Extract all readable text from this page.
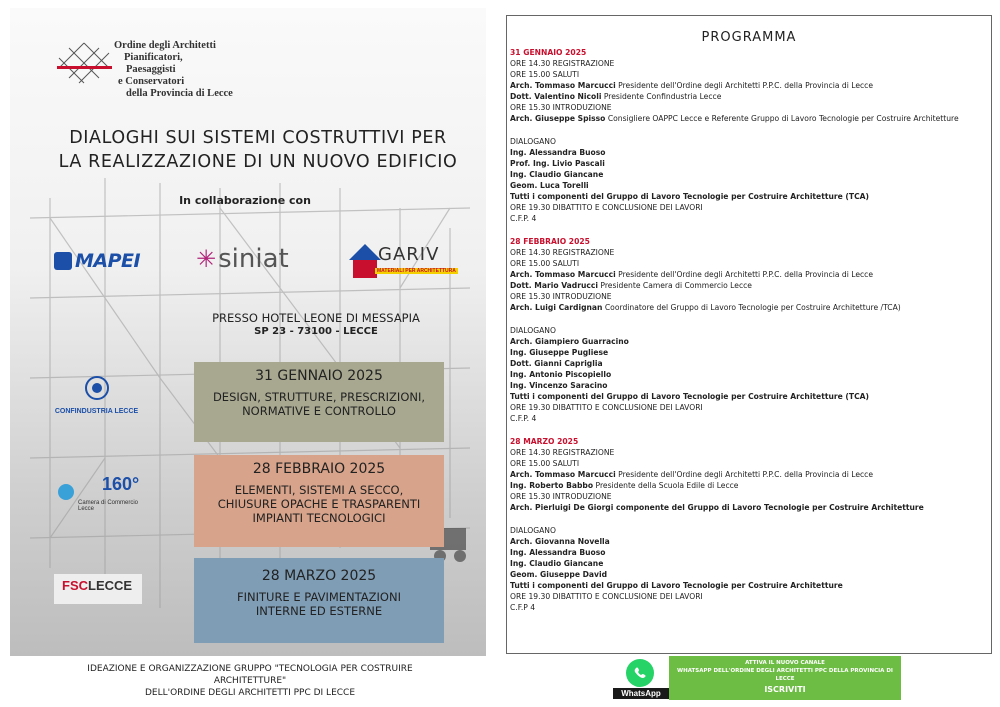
Ordine degli Architetti
Pianificatori,
Paesaggisti
e Conservatori
della Provincia di Lecce
DIALOGHI SUI SISTEMI COSTRUTTIVI PER
LA REALIZZAZIONE DI UN NUOVO EDIFICIO
In collaborazione con
MAPEI ✳siniat	GARIV
MATERIALI PER ARCHITETTURA
PRESSO HOTEL LEONE DI MESSAPIA
SP 23 - 73100 - LECCE
CONFINDUSTRIA LECCE
160°
Camera di Commercio Lecce
FSCLECCE
31 GENNAIO 2025
DESIGN, STRUTTURE, PRESCRIZIONI,
NORMATIVE E CONTROLLO
28 FEBBRAIO 2025
ELEMENTI, SISTEMI A SECCO,
CHIUSURE OPACHE E TRASPARENTI
IMPIANTI TECNOLOGICI
28 MARZO 2025
FINITURE E PAVIMENTAZIONI
INTERNE ED ESTERNE
IDEAZIONE E ORGANIZZAZIONE GRUPPO "TECNOLOGIA PER COSTRUIRE ARCHITETTURE"
DELL'ORDINE DEGLI ARCHITETTI PPC DI LECCE
PROGRAMMA
31 GENNAIO 2025
ORE 14.30 REGISTRAZIONE
ORE 15.00 SALUTI
Arch. Tommaso Marcucci Presidente dell'Ordine degli Architetti P.P.C. della Provincia di Lecce
Dott. Valentino Nicoli Presidente Confindustria Lecce
ORE 15.30 INTRODUZIONE
Arch. Giuseppe Spisso Consigliere OAPPC Lecce e Referente Gruppo di Lavoro Tecnologie per Costruire Architetture
DIALOGANO
Ing. Alessandra Buoso
Prof. Ing. Livio Pascali
Ing. Claudio Giancane
Geom. Luca Torelli
Tutti i componenti del Gruppo di Lavoro Tecnologie per Costruire Architetture (TCA)
ORE 19.30 DIBATTITO E CONCLUSIONE DEI LAVORI
C.F.P. 4
28 FEBBRAIO 2025
ORE 14.30 REGISTRAZIONE
ORE 15.00 SALUTI
Arch. Tommaso Marcucci Presidente dell'Ordine degli Architetti P.P.C. della Provincia di Lecce
Dott. Mario Vadrucci Presidente Camera di Commercio Lecce
ORE 15.30 INTRODUZIONE
Arch. Luigi Cardignan Coordinatore del Gruppo di Lavoro Tecnologie per Costruire Architetture /TCA)
DIALOGANO
Arch. Giampiero Guarracino
Ing. Giuseppe Pugliese
Dott. Gianni Capriglia
Ing. Antonio Piscopiello
Ing. Vincenzo Saracino
Tutti i componenti del Gruppo di Lavoro Tecnologie per Costruire Architetture (TCA)
ORE 19.30 DIBATTITO E CONCLUSIONE DEI LAVORI
C.F.P. 4
28 MARZO 2025
ORE 14.30 REGISTRAZIONE
ORE 15.00 SALUTI
Arch. Tommaso Marcucci Presidente dell'Ordine degli Architetti P.P.C. della Provincia di Lecce
Ing. Roberto Babbo Presidente della Scuola Edile di Lecce
ORE 15.30 INTRODUZIONE
Arch. Pierluigi De Giorgi componente del Gruppo di Lavoro Tecnologie per Costruire Architetture
DIALOGANO
Arch. Giovanna Novella
Ing. Alessandra Buoso
Ing. Claudio Giancane
Geom. Giuseppe David
Tutti i componenti del Gruppo di Lavoro Tecnologie per Costruire Architetture
ORE 19.30 DIBATTITO E CONCLUSIONE DEI LAVORI
C.F.P 4
WhatsApp
ATTIVA IL NUOVO CANALE
WHATSAPP DELL'ORDINE DEGLI ARCHITETTI PPC DELLA PROVINCIA DI LECCE
ISCRIVITI
